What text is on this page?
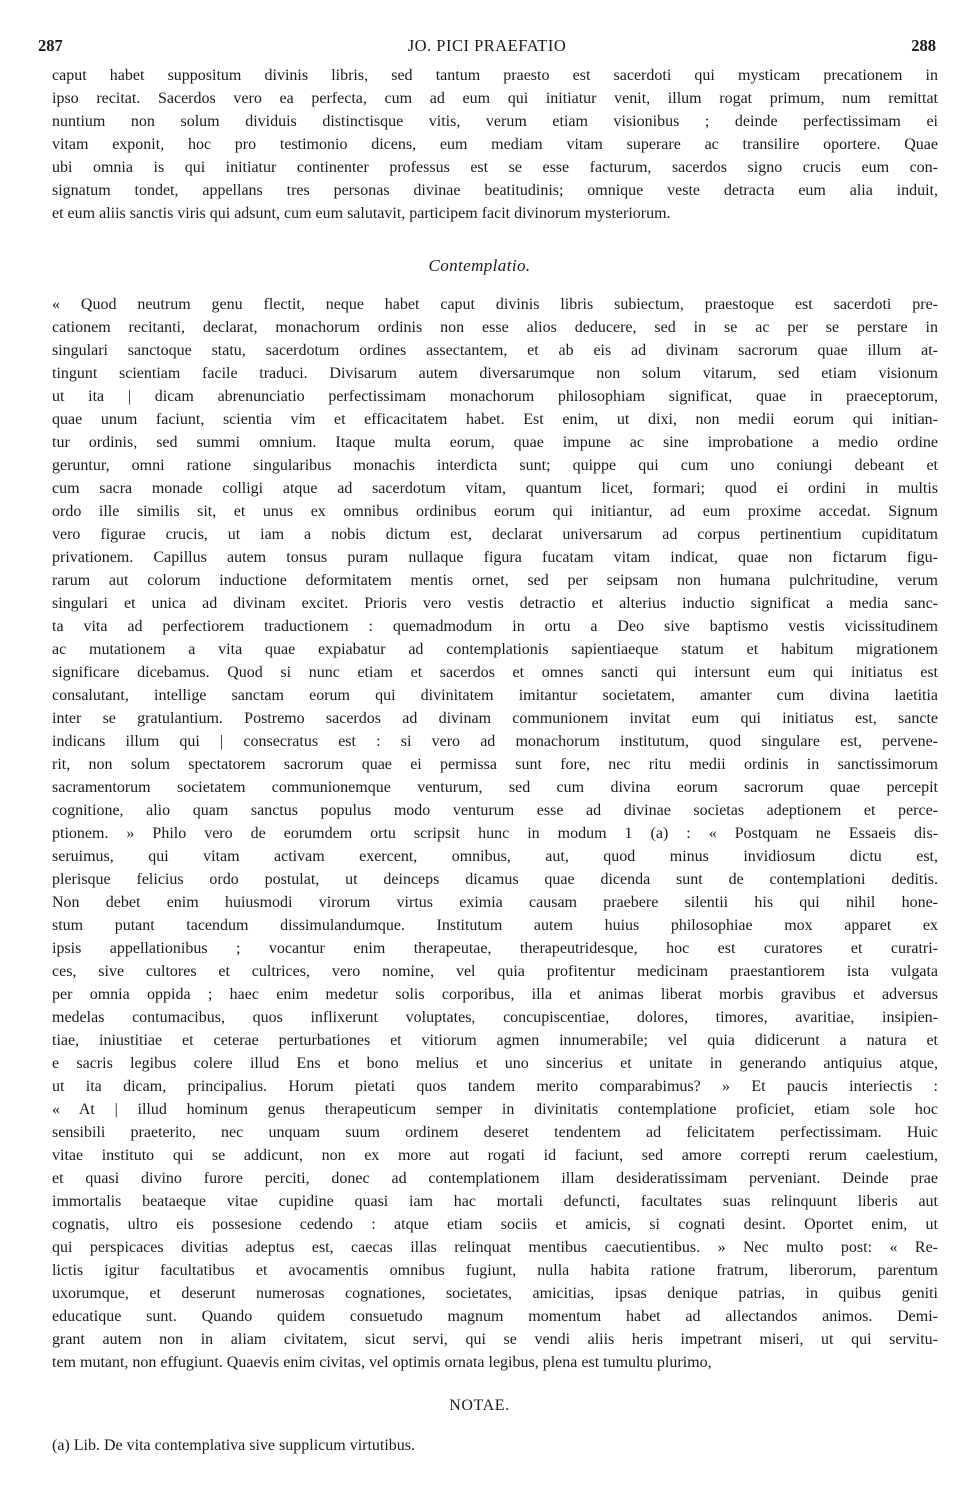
287	JO. PICI PRAEFATIO	288
caput habet suppositum divinis libris, sed tantum praesto est sacerdoti qui mysticam precationem in
ipso recitat. Sacerdos vero ea perfecta, cum ad eum qui initiatur venit, illum rogat primum, num remittat
nuntium non solum dividuis distinctisque vitis, verum etiam visionibus ; deinde perfectissimam ei
vitam exponit, hoc pro testimonio dicens, eum mediam vitam superare ac transilire oportere. Quae
ubi omnia is qui initiatur continenter professus est se esse facturum, sacerdos signo crucis eum con-
signatum tondet, appellans tres personas divinae beatitudinis; omnique veste detracta eum alia induit,
et eum aliis sanctis viris qui adsunt, cum eum salutavit, participem facit divinorum mysteriorum.
Contemplatio.
« Quod neutrum genu flectit, neque habet caput divinis libris subiectum, praestoque est sacerdoti pre-
cationem recitanti, declarat, monachorum ordinis non esse alios deducere, sed in se ac per se perstare in
singulari sanctoque statu, sacerdotum ordines assectantem, et ab eis ad divinam sacrorum quae illum at-
tingunt scientiam facile traduci. Divisarum autem diversarumque non solum vitarum, sed etiam visionum
ut ita | dicam abrenunciatio perfectissimam monachorum philosophiam significat, quae in praeceptorum,
quae unum faciunt, scientia vim et efficacitatem habet. Est enim, ut dixi, non medii eorum qui initian-
tur ordinis, sed summi omnium. Itaque multa eorum, quae impune ac sine improbatione a medio ordine
geruntur, omni ratione singularibus monachis interdicta sunt; quippe qui cum uno coniungi debeant et
cum sacra monade colligi atque ad sacerdotum vitam, quantum licet, formari; quod ei ordini in multis
ordo ille similis sit, et unus ex omnibus ordinibus eorum qui initiantur, ad eum proxime accedat. Signum
vero figurae crucis, ut iam a nobis dictum est, declarat universarum ad corpus pertinentium cupiditatum
privationem. Capillus autem tonsus puram nullaque figura fucatam vitam indicat, quae non fictarum figu-
rarum aut colorum inductione deformitatem mentis ornet, sed per seipsam non humana pulchritudine, verum
singulari et unica ad divinam excitet. Prioris vero vestis detractio et alterius inductio significat a media sanc-
ta vita ad perfectiorem traductionem : quemadmodum in ortu a Deo sive baptismo vestis vicissitudinem
ac mutationem a vita quae expiabatur ad contemplationis sapientiaeque statum et habitum migrationem
significare dicebamus. Quod si nunc etiam et sacerdos et omnes sancti qui intersunt eum qui initiatus est
consalutant, intellige sanctam eorum qui divinitatem imitantur societatem, amanter cum divina laetitia
inter se gratulantium. Postremo sacerdos ad divinam communionem invitat eum qui initiatus est, sancte
indicans illum qui | consecratus est : si vero ad monachorum institutum, quod singulare est, pervene-
rit, non solum spectatorem sacrorum quae ei permissa sunt fore, nec ritu medii ordinis in sanctissimorum
sacramentorum societatem communionemque venturum, sed cum divina eorum sacrorum quae percepit
cognitione, alio quam sanctus populus modo venturum esse ad divinae societas adeptionem et perce-
ptionem. » Philo vero de eorumdem ortu scripsit hunc in modum 1 (a) : « Postquam ne Essaeis dis-
seruimus, qui vitam activam exercent, omnibus, aut, quod minus invidiosum dictu est,
plerisque felicius ordo postulat, ut deinceps dicamus quae dicenda sunt de contemplationi deditis.
Non debet enim huiusmodi virorum virtus eximia causam praebere silentii his qui nihil hone-
stum putant tacendum dissimulandumque. Institutum autem huius philosophiae mox apparet ex
ipsis appellationibus ; vocantur enim therapeutae, therapeutridesque, hoc est curatores et curatri-
ces, sive cultores et cultrices, vero nomine, vel quia profitentur medicinam praestantiorem ista vulgata
per omnia oppida ; haec enim medetur solis corporibus, illa et animas liberat morbis gravibus et adversus
medelas contumacibus, quos inflixerunt voluptates, concupiscentiae, dolores, timores, avaritiae, insipien-
tiae, iniustitiae et ceterae perturbationes et vitiorum agmen innumerabile; vel quia didicerunt a natura et
e sacris legibus colere illud Ens et bono melius et uno sincerius et unitate in generando antiquius atque,
ut ita dicam, principalius. Horum pietati quos tandem merito comparabimus? » Et paucis interiectis :
« At | illud hominum genus therapeuticum semper in divinitatis contemplatione proficiet, etiam sole hoc
sensibili praeterito, nec unquam suum ordinem deseret tendentem ad felicitatem perfectissimam. Huic
vitae instituto qui se addicunt, non ex more aut rogati id faciunt, sed amore correpti rerum caelestium,
et quasi divino furore perciti, donec ad contemplationem illam desideratissimam perveniant. Deinde prae
immortalis beataeque vitae cupidine quasi iam hac mortali defuncti, facultates suas relinquunt liberis aut
cognatis, ultro eis possesione cedendo : atque etiam sociis et amicis, si cognati desint. Oportet enim, ut
qui perspicaces divitias adeptus est, caecas illas relinquat mentibus caecutientibus. » Nec multo post: « Re-
lictis igitur facultatibus et avocamentis omnibus fugiunt, nulla habita ratione fratrum, liberorum, parentum
uxorumque, et deserunt numerosas cognationes, societates, amicitias, ipsas denique patrias, in quibus geniti
educatique sunt. Quando quidem consuetudo magnum momentum habet ad allectandos animos. Demi-
grant autem non in aliam civitatem, sicut servi, qui se vendi aliis heris impetrant miseri, ut qui servitu-
tem mutant, non effugiunt. Quaevis enim civitas, vel optimis ornata legibus, plena est tumultu plurimo,
NOTAE.
(a) Lib. De vita contemplativa sive supplicum virtutibus.
